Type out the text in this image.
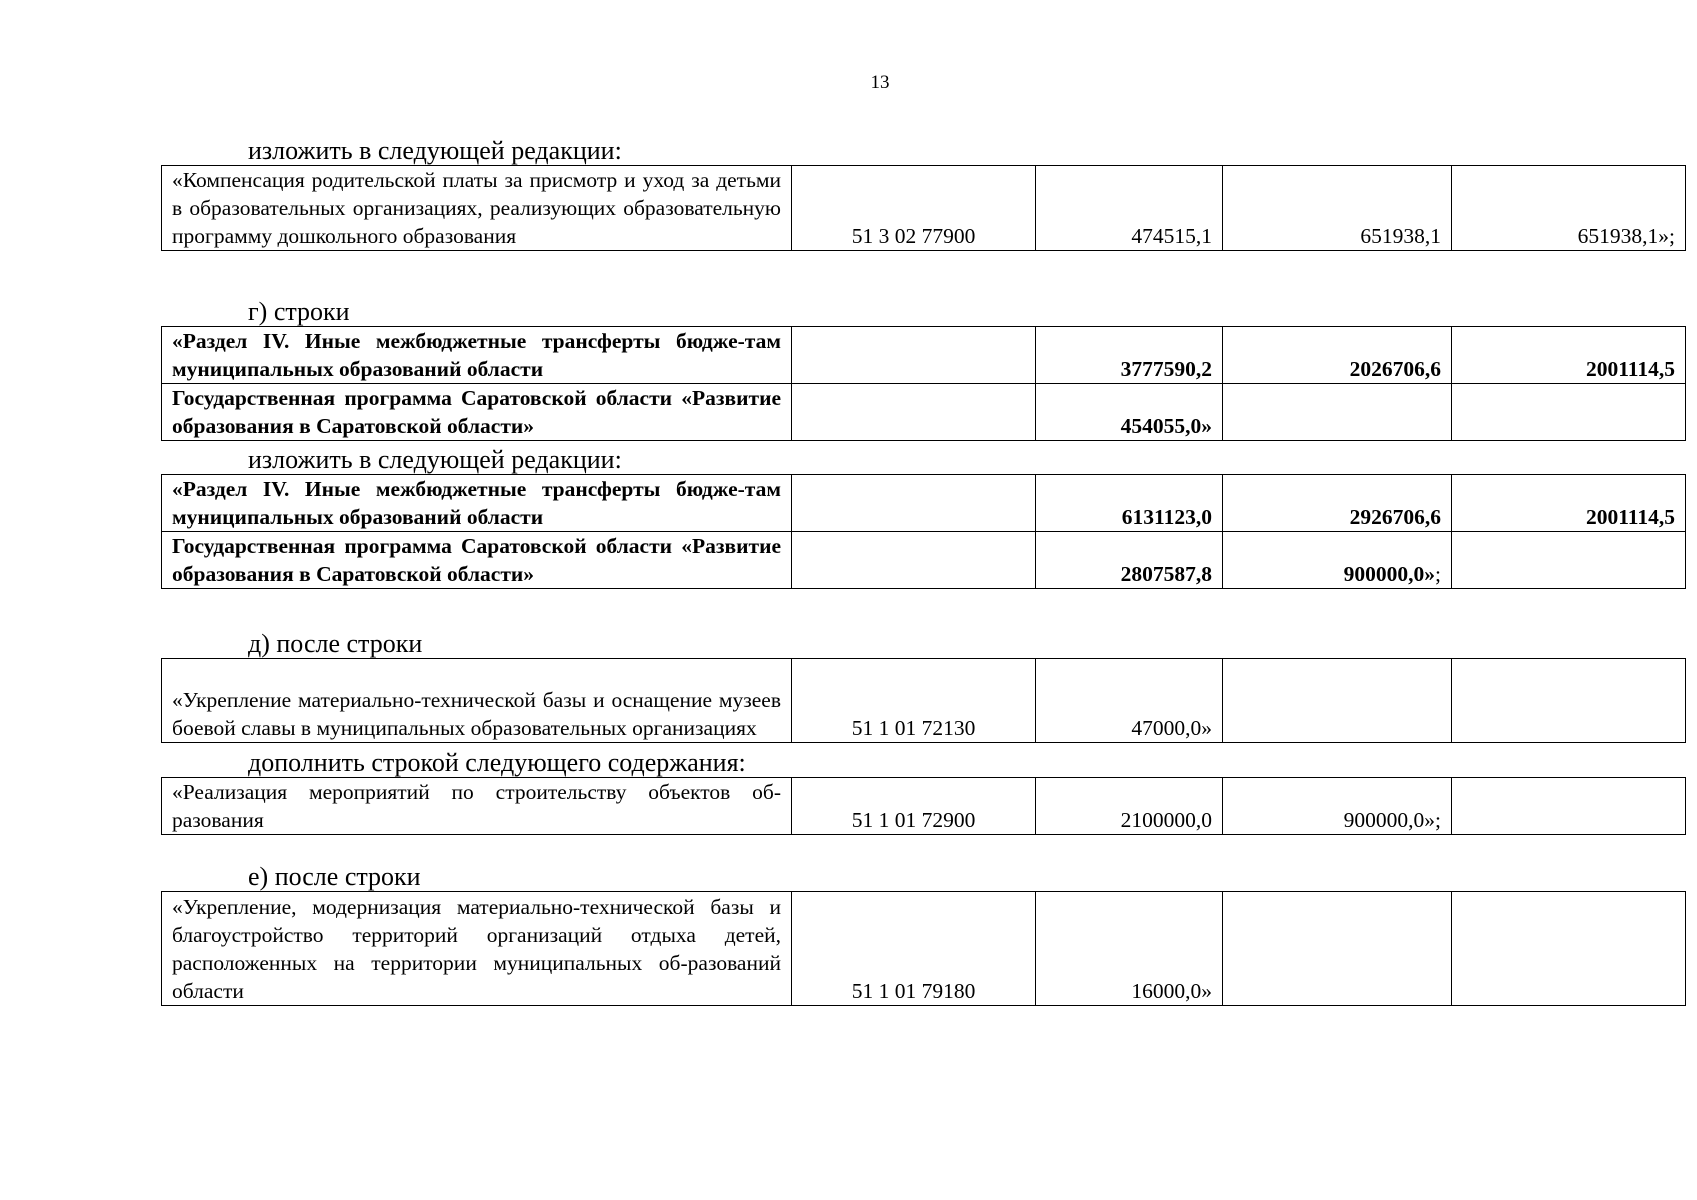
13
изложить в следующей редакции:
«Компенсация родительской платы за присмотр и уход за детьми в образовательных организациях, реализующих образовательную программу дошкольного образования	51 3 02 77900	474515,1	651938,1	651938,1»;
г) строки
«Раздел IV. Иные межбюджетные трансферты бюдже-там муниципальных образований области		3777590,2	2026706,6	2001114,5
Государственная программа Саратовской области «Развитие образования в Саратовской области»		454055,0»		
изложить в следующей редакции:
«Раздел IV. Иные межбюджетные трансферты бюдже-там муниципальных образований области		6131123,0	2926706,6	2001114,5
Государственная программа Саратовской области «Развитие образования в Саратовской области»		2807587,8	900000,0»;	
д) после строки
«Укрепление материально-технической базы и оснащение музеев боевой славы в муниципальных образовательных организациях	51 1 01 72130	47000,0»		
дополнить строкой следующего содержания:
«Реализация мероприятий по строительству объектов об-разования	51 1 01 72900	2100000,0	900000,0»;	
е) после строки
«Укрепление, модернизация материально-технической базы и благоустройство территорий организаций отдыха детей, расположенных на территории муниципальных об-разований области	51 1 01 79180	16000,0»		
